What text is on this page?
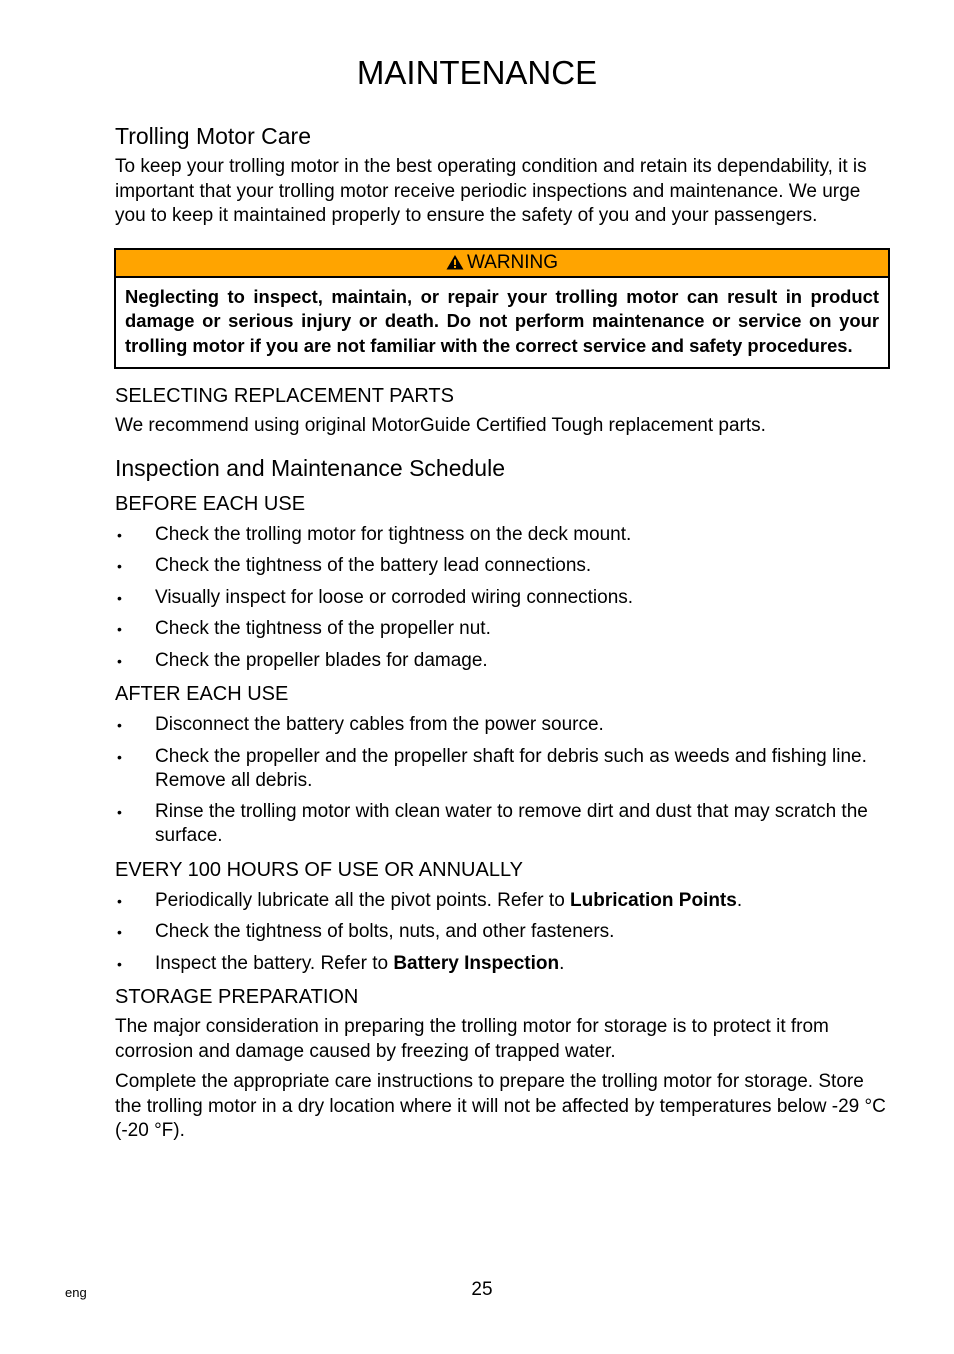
MAINTENANCE
Trolling Motor Care

To keep your trolling motor in the best operating condition and retain its dependability, it is important that your trolling motor receive periodic inspections and maintenance. We urge you to keep it maintained properly to ensure the safety of you and your passengers.

WARNING
Neglecting to inspect, maintain, or repair your trolling motor can result in product damage or serious injury or death. Do not perform maintenance or service on your trolling motor if you are not familiar with the correct service and safety procedures.
SELECTING REPLACEMENT PARTS

We recommend using original MotorGuide Certified Tough replacement parts.

Inspection and Maintenance Schedule
BEFORE EACH USE
• Check the trolling motor for tightness on the deck mount.
• Check the tightness of the battery lead connections.
• Visually inspect for loose or corroded wiring connections.
• Check the tightness of the propeller nut.
• Check the propeller blades for damage.
AFTER EACH USE
• Disconnect the battery cables from the power source.
• Check the propeller and the propeller shaft for debris such as weeds and fishing line. Remove all debris.
• Rinse the trolling motor with clean water to remove dirt and dust that may scratch the surface.
EVERY 100 HOURS OF USE OR ANNUALLY
• Periodically lubricate all the pivot points. Refer to Lubrication Points.
• Check the tightness of bolts, nuts, and other fasteners.
• Inspect the battery. Refer to Battery Inspection.
STORAGE PREPARATION

The major consideration in preparing the trolling motor for storage is to protect it from corrosion and damage caused by freezing of trapped water.

Complete the appropriate care instructions to prepare the trolling motor for storage. Store the trolling motor in a dry location where it will not be affected by temperatures below -29 °C (-20 °F).

eng	25
